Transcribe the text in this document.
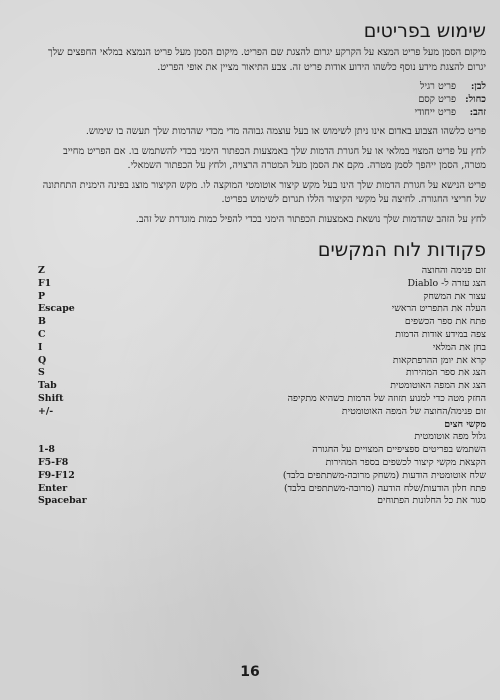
שימוש בפריטים

מיקום הסמן מעל פריט המצא על הקרקע יגרום להצגת שם הפריט. מיקום הסמן מעל פריט הנמצא במלאי החפצים שלך יגרום להצגת מידע נוסף כלשהו הידוע אודות פריט זה. צבע התיאור מציין את אופי הפריט.

לבן:
פריט רגיל
כחול:
פריט קסם
זהב:
פריט ייחודי

פריט כלשהו הצבוע באדום אינו ניתן לשימוש או בעל עוצמה גבוהה מדי מכדי שהדמות שלך תעשה בו שימוש.

לחץ על פריט המצוי במלאי או על חגורת הדמות שלך באמצעות הכפתור הימני בכדי להשתמש בו. אם הפריט מחייב מטרה, הסמן ייהפך לסמן מטרה. מקם את הסמן מעל המטרה הרצויה, ולחץ על הכפתור השמאלי.

פריט הנישא על חגורת הדמות שלך הינו בעל מקש קיצור אוטומטי המוקצה לו. מקש הקיצור מוצג בפינה הימנית התחתונה של חריצי החגורה. לחיצה על מקשי הקיצור הללו תגרום לשימוש בפריט.

לחץ על הזהב שהדמות שלך נושאת באמצעות הכפתור הימני בכדי להפיל כמות מוגדרת של זהב.

פקודות לוח המקשים
זום פנימה והחוצה	Z
הצג עזרה ל- Diablo	F1
עצור את המשחק	P
העלה את התפריט הראשי	Escape
פתח את ספר הכשפים	B
צפה במידע אודות הדמות	C
בחן את המלאי	I
קרא את יומן ההרפתקאות	Q
הצג את ספר המהירות	S
הצג את המפה האוטומטית	Tab
החזק מטה כדי למנוע תזוזה של הדמות כשהיא מתקיפה	Shift
זום פנימה/החוצה של המפה האוטומטית	+/-
מקשי חצים	
גלול מפה אוטומטית	
השתמש בפריטים ספציפיים המצויים על החגורה	1-8
הקצאת מקשי קיצור לכשפים בספר המהירות	F5-F8
שלח אוטומטית הודעות (משחק מרובה-משתתפים בלבד)	F9-F12
פתח חלון הודעות/שלח הודעה (מרובה-משתתפים בלבד)	Enter
סגור את כל החלונות הפתוחים	Spacebar
16
